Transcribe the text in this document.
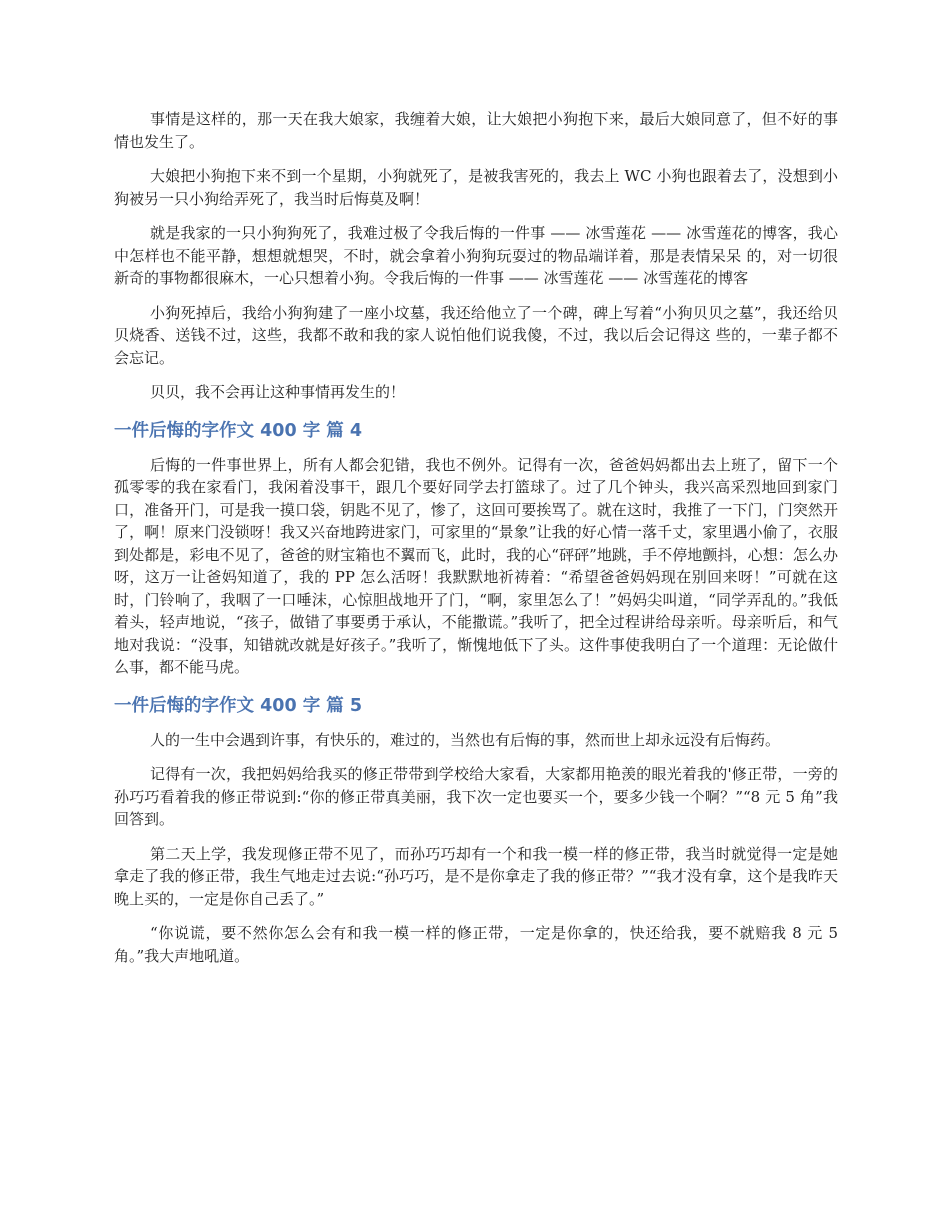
事情是这样的，那一天在我大娘家，我缠着大娘，让大娘把小狗抱下来，最后大娘同意了，但不好的事情也发生了。

大娘把小狗抱下来不到一个星期，小狗就死了，是被我害死的，我去上 WC 小狗也跟着去了，没想到小狗被另一只小狗给弄死了，我当时后悔莫及啊！

就是我家的一只小狗狗死了，我难过极了令我后悔的一件事 —— 冰雪莲花 —— 冰雪莲花的博客，我心中怎样也不能平静，想想就想哭，不时，就会拿着小狗狗玩耍过的物品端详着，那是表情呆呆 的，对一切很新奇的事物都很麻木，一心只想着小狗。令我后悔的一件事 —— 冰雪莲花 —— 冰雪莲花的博客

小狗死掉后，我给小狗狗建了一座小坟墓，我还给他立了一个碑，碑上写着“小狗贝贝之墓”，我还给贝贝烧香、送钱不过，这些，我都不敢和我的家人说怕他们说我傻，不过，我以后会记得这 些的，一辈子都不会忘记。

贝贝，我不会再让这种事情再发生的！

一件后悔的字作文 400 字 篇 4

后悔的一件事世界上，所有人都会犯错，我也不例外。记得有一次，爸爸妈妈都出去上班了，留下一个孤零零的我在家看门，我闲着没事干，跟几个要好同学去打篮球了。过了几个钟头，我兴高采烈地回到家门口，准备开门，可是我一摸口袋，钥匙不见了，惨了，这回可要挨骂了。就在这时，我推了一下门，门突然开了，啊！原来门没锁呀！我又兴奋地跨进家门，可家里的“景象”让我的好心情一落千丈，家里遇小偷了，衣服到处都是，彩电不见了，爸爸的财宝箱也不翼而飞，此时，我的心“砰砰”地跳，手不停地颤抖，心想：怎么办呀，这万一让爸妈知道了，我的 PP 怎么活呀！我默默地祈祷着：“希望爸爸妈妈现在别回来呀！”可就在这时，门铃响了，我咽了一口唾沫，心惊胆战地开了门，“啊，家里怎么了！”妈妈尖叫道，“同学弄乱的。”我低着头，轻声地说，“孩子，做错了事要勇于承认，不能撒谎。”我听了，把全过程讲给母亲听。母亲听后，和气地对我说：“没事，知错就改就是好孩子。”我听了，惭愧地低下了头。这件事使我明白了一个道理：无论做什么事，都不能马虎。

一件后悔的字作文 400 字 篇 5

人的一生中会遇到许事，有快乐的，难过的，当然也有后悔的事，然而世上却永远没有后悔药。

记得有一次，我把妈妈给我买的修正带带到学校给大家看，大家都用艳羡的眼光着我的'修正带，一旁的孙巧巧看着我的修正带说到:“你的修正带真美丽，我下次一定也要买一个，要多少钱一个啊？”“8 元 5 角”我回答到。

第二天上学，我发现修正带不见了，而孙巧巧却有一个和我一模一样的修正带，我当时就觉得一定是她拿走了我的修正带，我生气地走过去说:“孙巧巧，是不是你拿走了我的修正带？”“我才没有拿，这个是我昨天晚上买的，一定是你自己丢了。”

“你说谎，要不然你怎么会有和我一模一样的修正带，一定是你拿的，快还给我，要不就赔我 8 元 5 角。”我大声地吼道。
